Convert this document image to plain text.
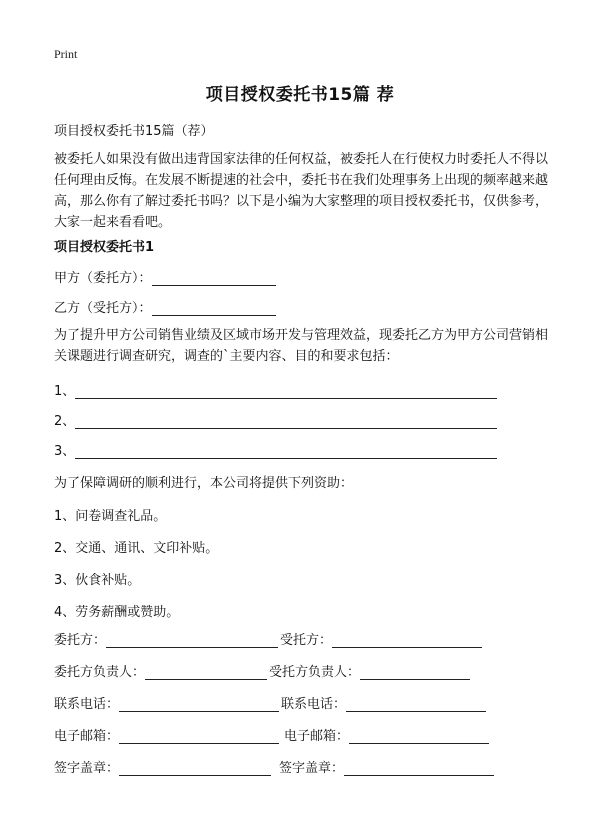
Print
项目授权委托书15篇 荐
项目授权委托书15篇（荐）
被委托人如果没有做出违背国家法律的任何权益，被委托人在行使权力时委托人不得以任何理由反悔。在发展不断提速的社会中，委托书在我们处理事务上出现的频率越来越高，那么你有了解过委托书吗？以下是小编为大家整理的项目授权委托书，仅供参考，大家一起来看看吧。
项目授权委托书1
甲方（委托方）：
乙方（受托方）：
为了提升甲方公司销售业绩及区域市场开发与管理效益，现委托乙方为甲方公司营销相关课题进行调查研究，调查的`主要内容、目的和要求包括：
1、
2、
3、
为了保障调研的顺利进行，本公司将提供下列资助：
1、问卷调查礼品。
2、交通、通讯、文印补贴。
3、伙食补贴。
4、劳务薪酬或赞助。
委托方：	受托方：
委托方负责人：	受托方负责人：
联系电话：	联系电话：
电子邮箱：	电子邮箱：
签字盖章：	签字盖章：
